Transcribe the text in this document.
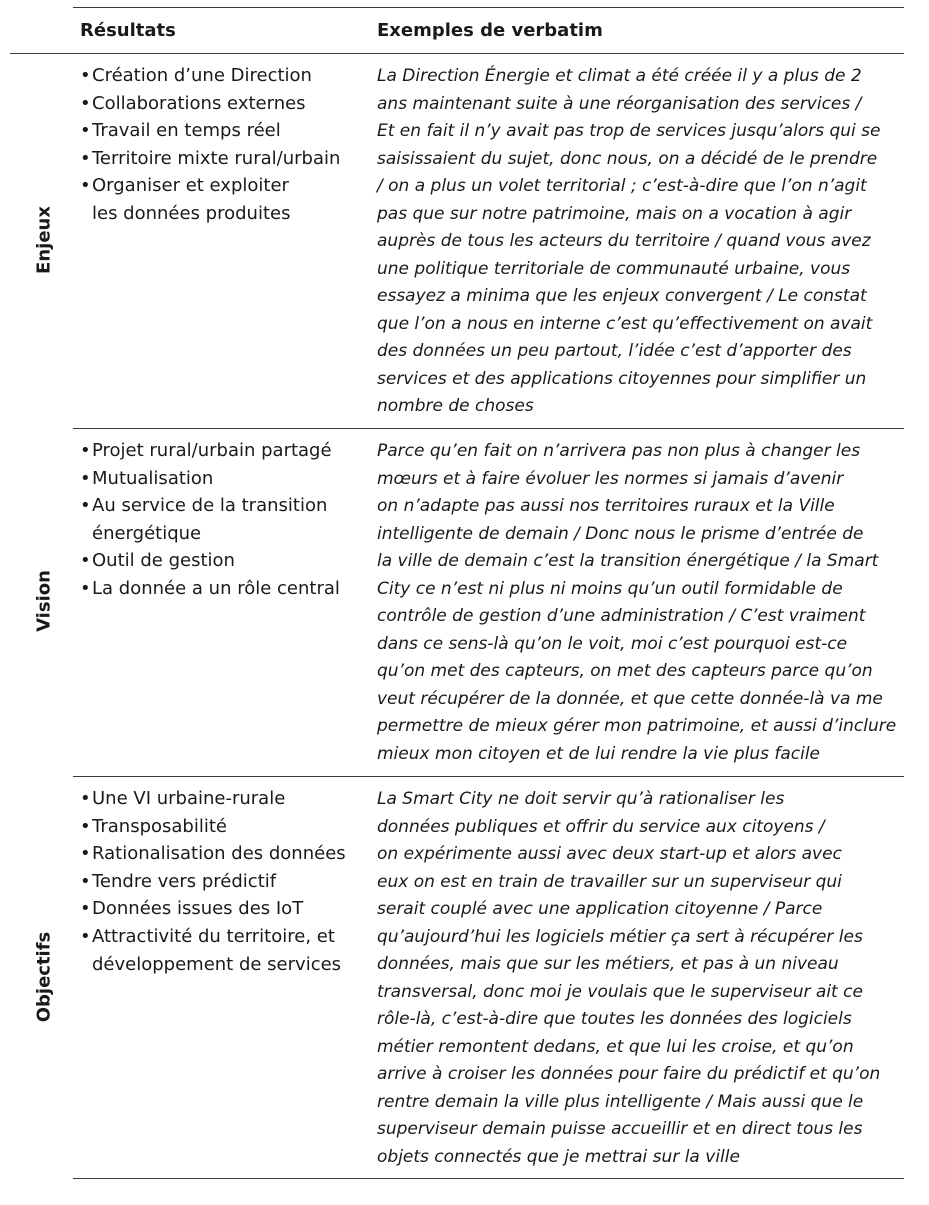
Résultats	Exemples de verbatim
Enjeux
• Création d’une Direction
• Collaborations externes
• Travail en temps réel
• Territoire mixte rural/urbain
• Organiser et exploiter
les données produites
La Direction Énergie et climat a été créée il y a plus de 2
ans maintenant suite à une réorganisation des services /
Et en fait il n’y avait pas trop de services jusqu’alors qui se
saisissaient du sujet, donc nous, on a décidé de le prendre
/ on a plus un volet territorial ; c’est-à-dire que l’on n’agit
pas que sur notre patrimoine, mais on a vocation à agir
auprès de tous les acteurs du territoire / quand vous avez
une politique territoriale de communauté urbaine, vous
essayez a minima que les enjeux convergent / Le constat
que l’on a nous en interne c’est qu’effectivement on avait
des données un peu partout, l’idée c’est d’apporter des
services et des applications citoyennes pour simplifier un
nombre de choses
Vision
• Projet rural/urbain partagé
• Mutualisation
• Au service de la transition
énergétique
• Outil de gestion
• La donnée a un rôle central
Parce qu’en fait on n’arrivera pas non plus à changer les
mœurs et à faire évoluer les normes si jamais d’avenir
on n’adapte pas aussi nos territoires ruraux et la Ville
intelligente de demain / Donc nous le prisme d’entrée de
la ville de demain c’est la transition énergétique / la Smart
City ce n’est ni plus ni moins qu’un outil formidable de
contrôle de gestion d’une administration / C’est vraiment
dans ce sens-là qu’on le voit, moi c’est pourquoi est-ce
qu’on met des capteurs, on met des capteurs parce qu’on
veut récupérer de la donnée, et que cette donnée-là va me
permettre de mieux gérer mon patrimoine, et aussi d’inclure
mieux mon citoyen et de lui rendre la vie plus facile
Objectifs
• Une VI urbaine-rurale
• Transposabilité
• Rationalisation des données
• Tendre vers prédictif
• Données issues des IoT
• Attractivité du territoire, et
développement de services
La Smart City ne doit servir qu’à rationaliser les
données publiques et offrir du service aux citoyens /
on expérimente aussi avec deux start-up et alors avec
eux on est en train de travailler sur un superviseur qui
serait couplé avec une application citoyenne / Parce
qu’aujourd’hui les logiciels métier ça sert à récupérer les
données, mais que sur les métiers, et pas à un niveau
transversal, donc moi je voulais que le superviseur ait ce
rôle-là, c’est-à-dire que toutes les données des logiciels
métier remontent dedans, et que lui les croise, et qu’on
arrive à croiser les données pour faire du prédictif et qu’on
rentre demain la ville plus intelligente / Mais aussi que le
superviseur demain puisse accueillir et en direct tous les
objets connectés que je mettrai sur la ville
